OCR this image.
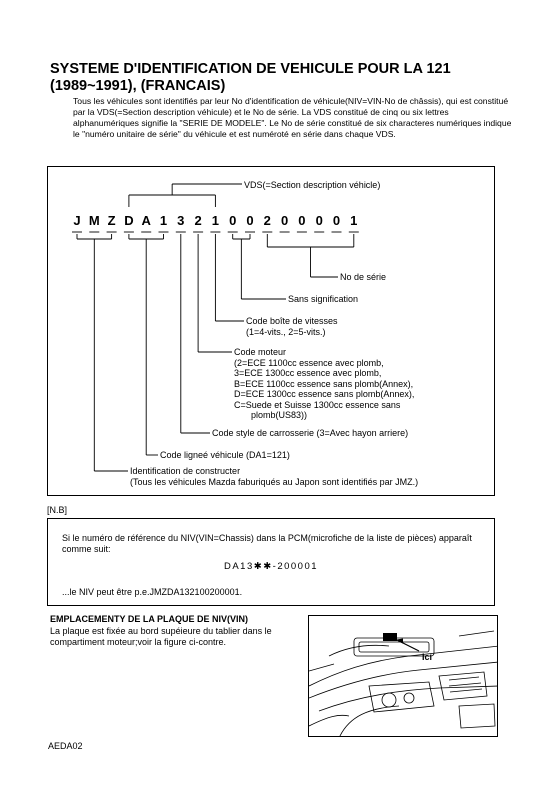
SYSTEME D'IDENTIFICATION DE VEHICULE POUR LA 121 (1989~1991), (FRANCAIS)
Tous les véhicules sont identifiés par leur No d'identification de véhicule(NIV=VIN-No de châssis), qui est constitué par la VDS(=Section description véhicule) et le No de série. La VDS constitué de cinq ou six lettres alphanumériques signifie la "SERIE DE MODELE". Le No de série constitué de six characteres numériques indique le "numéro unitaire de série" du véhicule et est numéroté en série dans chaque VDS.
J M Z D A 1 3 2 1 0 0 2 0 0 0 0 1
VDS(=Section description véhicle)
No de série
Sans signification
Code boîte de vitesses
(1=4-vits., 2=5-vits.)
Code moteur
(2=ECE 1100cc essence avec plomb,
3=ECE 1300cc essence avec plomb,
B=ECE 1100cc essence sans plomb(Annex),
D=ECE 1300cc essence sans plomb(Annex),
C=Suede et Suisse 1300cc essence sans
plomb(US83))
Code style de carrosserie (3=Avec hayon arriere)
Code ligneé véhicule (DA1=121)
Identification de constructer
(Tous les véhicules Mazda faburiqués au Japon sont identifiés par JMZ.)
[N.B]
Si le numéro de référence du NIV(VIN=Chassis) dans la PCM(microfiche de la liste de pièces) apparaît comme suit:
DA13✱✱-200001
...le NIV peut être p.e.JMZDA132100200001.
EMPLACEMENTY DE LA PLAQUE DE NIV(VIN)
La plaque est fixée au bord supéieure du tablier dans le compartiment moteur;voir la figure ci-contre.
Ici
AEDA02
